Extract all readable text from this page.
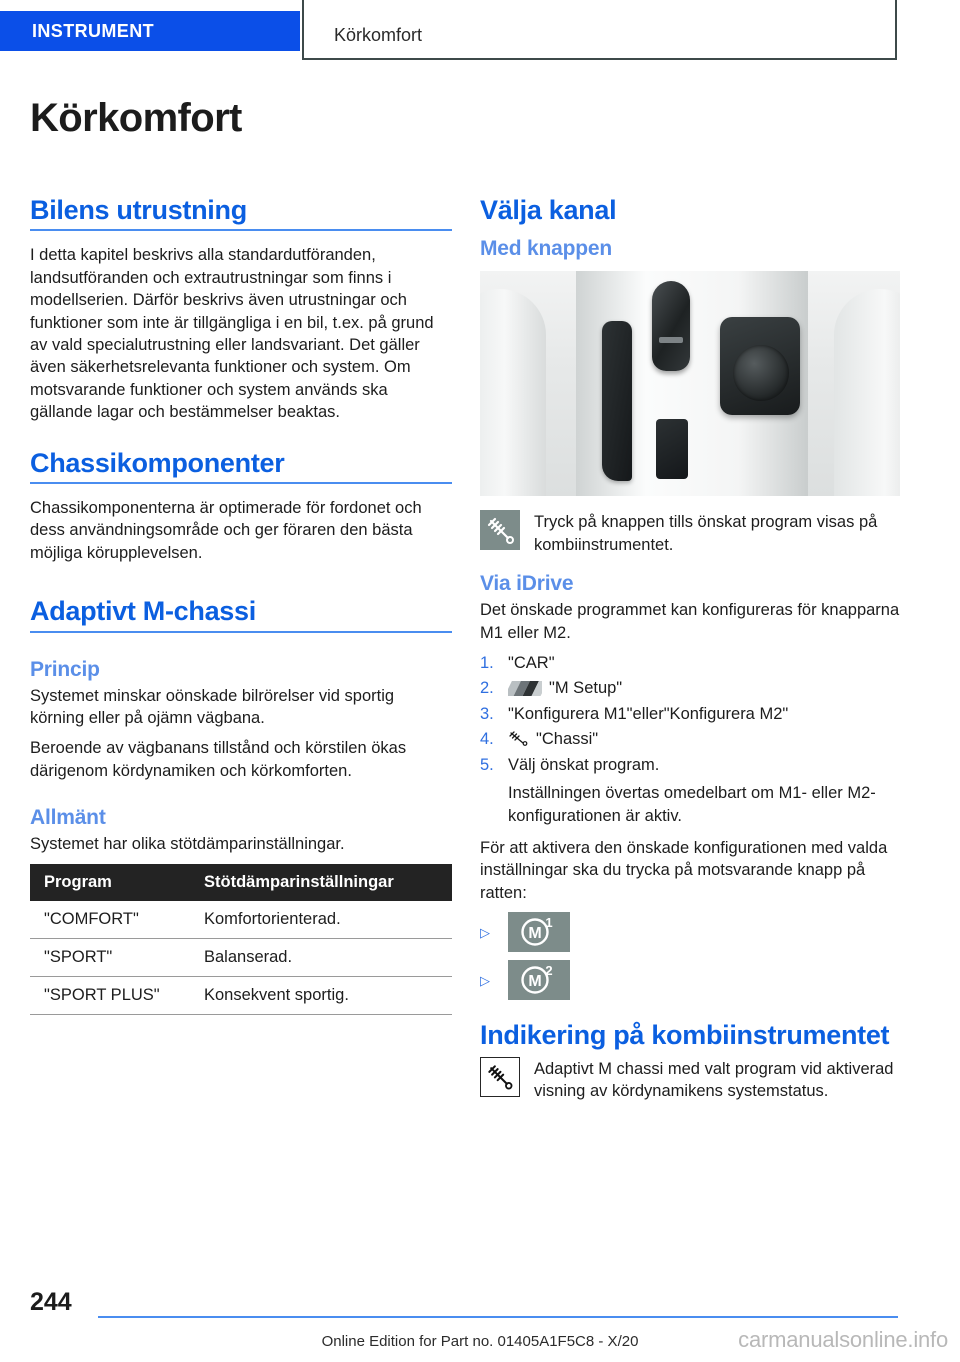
INSTRUMENT	Körkomfort
Körkomfort
Bilens utrustning

I detta kapitel beskrivs alla standardutföranden, landsutföranden och extrautrustningar som finns i modellserien. Därför beskrivs även utrustningar och funktioner som inte är tillgängliga i en bil, t.ex. på grund av vald specialutrustning eller landsvariant. Det gäller även säkerhetsrelevanta funktioner och system. Om motsvarande funktioner och system används ska gällande lagar och bestämmelser beaktas.

Chassikomponenter

Chassikomponenterna är optimerade för fordonet och dess användningsområde och ger föraren den bästa möjliga körupplevelsen.

Adaptivt M-chassi
Princip

Systemet minskar oönskade bilrörelser vid sportig körning eller på ojämn vägbana.

Beroende av vägbanans tillstånd och körstilen ökas därigenom kördynamiken och körkomforten.

Allmänt

Systemet har olika stötdämparinställningar.

Program	Stötdämparinställningar
"COMFORT"	Komfortorienterad.
"SPORT"	Balanserad.
"SPORT PLUS"	Konsekvent sportig.
Välja kanal
Med knappen
Tryck på knappen tills önskat program visas på kombiinstrumentet.
Via iDrive

Det önskade programmet kan konfigureras för knapparna M1 eller M2.

1. "CAR"
2.	"M Setup"
3. "Konfigurera M1"eller"Konfigurera M2"
4.	"Chassi"
5. Välj önskat program.

Inställningen övertas omedelbart om M1- eller M2-konfigurationen är aktiv.

För att aktivera den önskade konfigurationen med valda inställningar ska du trycka på motsvarande knapp på ratten:

▷ M
1
▷ M
2
Indikering på kombiinstrumentet
Adaptivt M chassi med valt program vid aktiverad visning av kördynamikens systemstatus.
244
Online Edition for Part no. 01405A1F5C8 - X/20	carmanualsonline.info
